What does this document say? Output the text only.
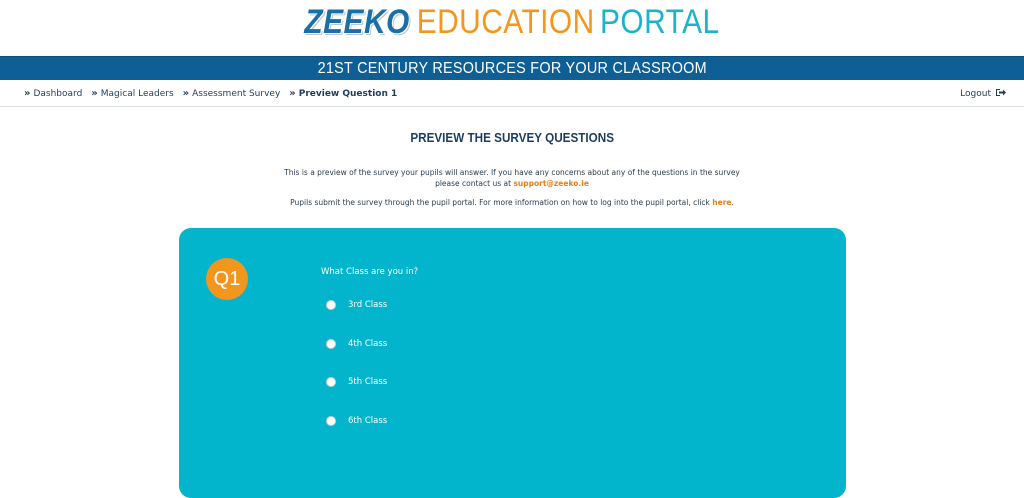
ZEEKO EDUCATION PORTAL
21ST CENTURY RESOURCES FOR YOUR CLASSROOM
» Dashboard » Magical Leaders » Assessment Survey » Preview Question 1	Logout
PREVIEW THE SURVEY QUESTIONS
This is a preview of the survey your pupils will answer. If you have any concerns about any of the questions in the survey
please contact us at support@zeeko.ie
Pupils submit the survey through the pupil portal. For more information on how to log into the pupil portal, click here.
Q1	What Class are you in?
3rd Class
4th Class
5th Class
6th Class
